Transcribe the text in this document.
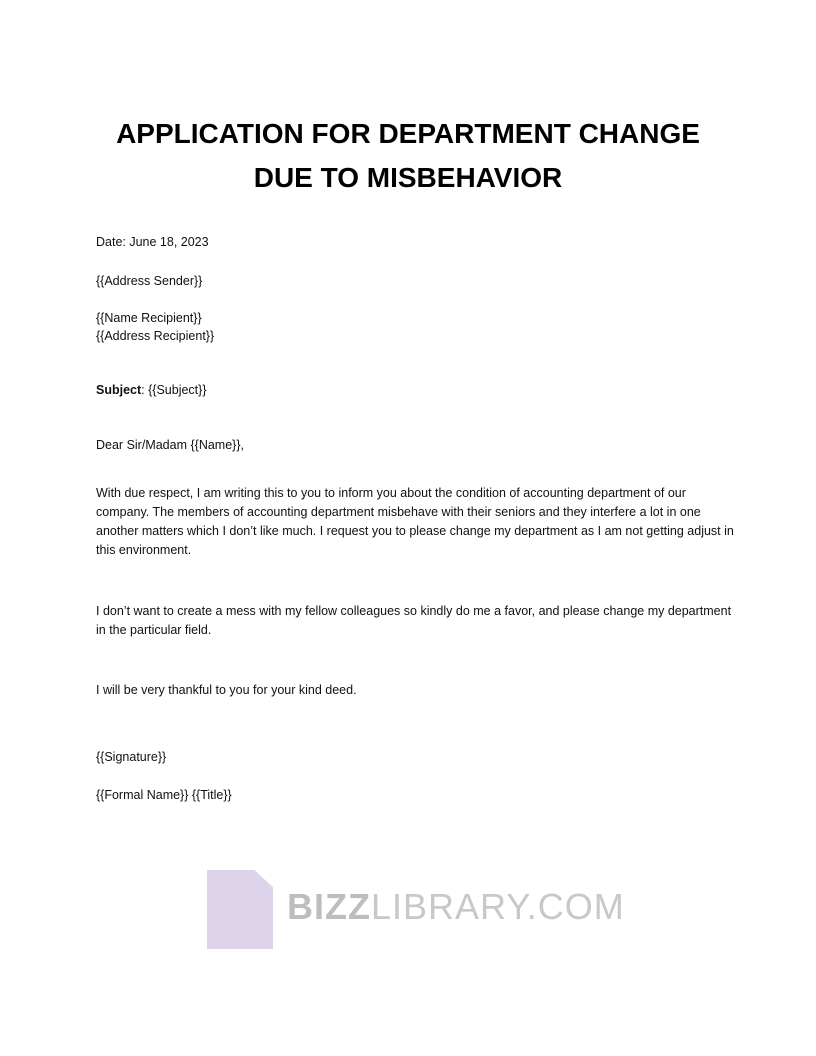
APPLICATION FOR DEPARTMENT CHANGE
DUE TO MISBEHAVIOR
Date: June 18, 2023
{{Address Sender}}
{{Name Recipient}}
{{Address Recipient}}
Subject: {{Subject}}
Dear Sir/Madam {{Name}},
With due respect, I am writing this to you to inform you about the condition of accounting department of our company. The members of accounting department misbehave with their seniors and they interfere a lot in one another matters which I don’t like much. I request you to please change my department as I am not getting adjust in this environment.
I don’t want to create a mess with my fellow colleagues so kindly do me a favor, and please change my department in the particular field.
I will be very thankful to you for your kind deed.
{{Signature}}
{{Formal Name}} {{Title}}
BIZZLIBRARY.COM
